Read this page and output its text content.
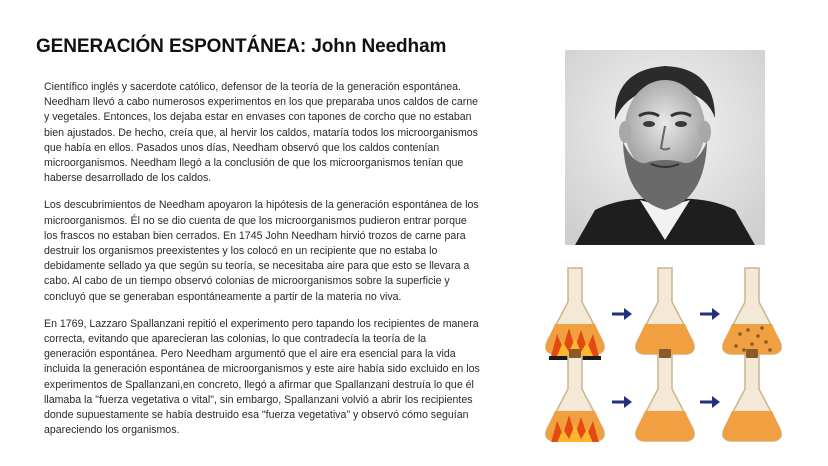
GENERACIÓN ESPONTÁNEA: John Needham

Científico inglés y sacerdote católico, defensor de la teoría de la generación espontánea. Needham llevó a cabo numerosos experimentos en los que preparaba unos caldos de carne y vegetales. Entonces, los dejaba estar en envases con tapones de corcho que no estaban bien ajustados. De hecho, creía que, al hervir los caldos, mataría todos los microorganismos que había en ellos. Pasados unos días, Needham observó que los caldos contenían microorganismos. Needham llegó a la conclusión de que los microorganismos tenían que haberse desarrollado de los caldos.

Los descubrimientos de Needham apoyaron la hipótesis de la generación espontánea de los microorganismos. Él no se dio cuenta de que los microorganismos pudieron entrar porque los frascos no estaban bien cerrados. En 1745 John Needham hirvió trozos de carne para destruir los organismos preexistentes y los colocó en un recipiente que no estaba lo debidamente sellado ya que según su teoría, se necesitaba aire para que esto se llevara a cabo. Al cabo de un tiempo observó colonias de microorganismos sobre la superficie y concluyó que se generaban espontáneamente a partir de la materia no viva.

En 1769, Lazzaro Spallanzani repitió el experimento pero tapando los recipientes de manera correcta, evitando que aparecieran las colonias, lo que contradecía la teoría de la generación espontánea. Pero Needham argumentó que el aire era esencial para la vida incluida la generación espontánea de microorganismos y este aire había sido excluido en los experimentos de Spallanzani,en concreto, llegó a afirmar que Spallanzani destruía lo que él llamaba la "fuerza vegetativa o vital", sin embargo, Spallanzani volvió a abrir los recipientes donde supuestamente se había destruido esa "fuerza vegetativa" y observó cómo seguían apareciendo los organismos.
